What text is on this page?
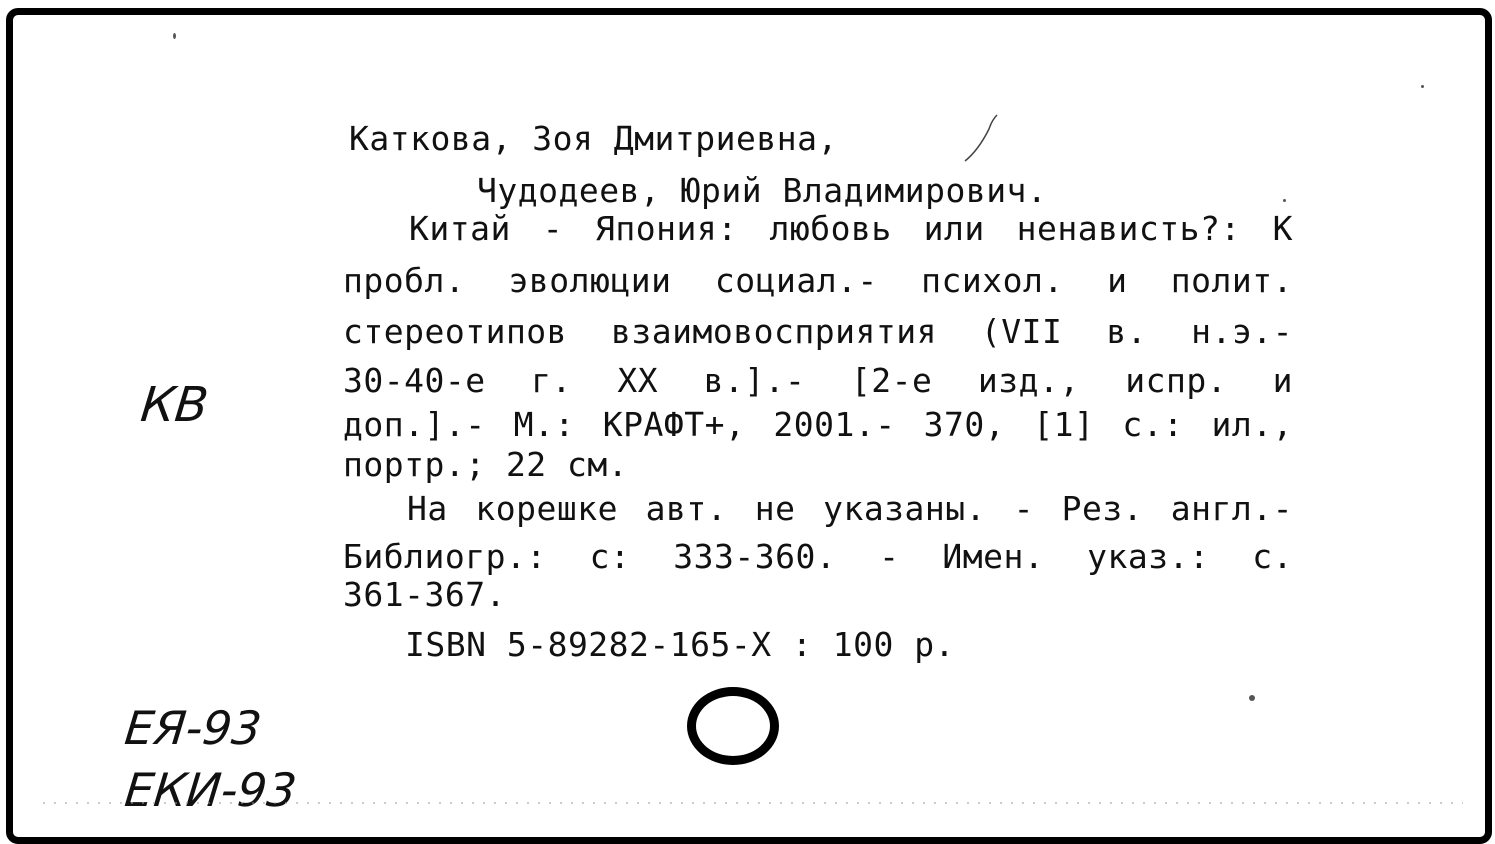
Каткова, Зоя Дмитриевна,
Чудодеев, Юрий Владимирович.
Китай - Япония: любовь или ненависть?: К
пробл. эволюции социал.- психол. и полит.
стереотипов взаимовосприятия (VII в. н.э.-
30-40-е г. XX в.].- [2-е изд., испр. и
доп.].- М.: КРАФТ+, 2001.- 370, [1] с.: ил.,
портр.; 22 см.
На корешке авт. не указаны. - Рез. англ.-
Библиогр.: с: 333-360. - Имен. указ.: с.
361-367.
ISBN 5-89282-165-X : 100 р.
КВ
ЕЯ-93
ЕКИ-93
